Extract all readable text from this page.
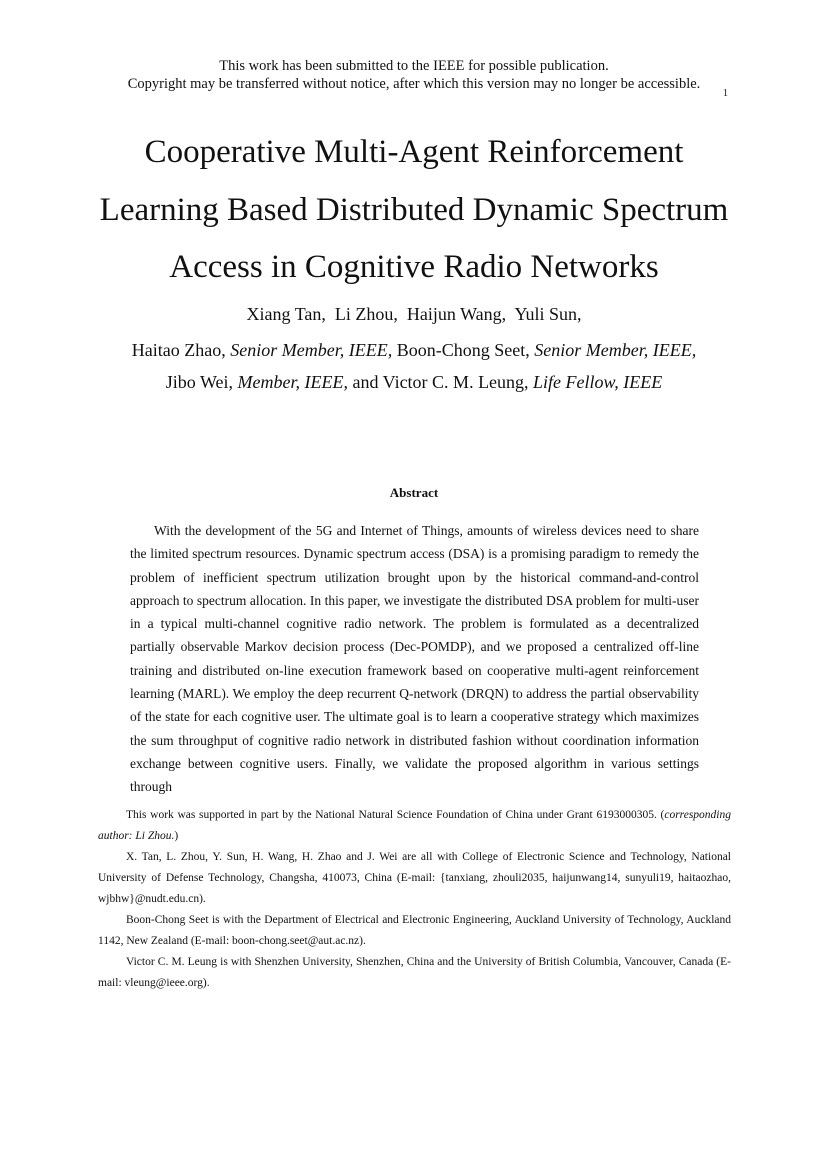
This work has been submitted to the IEEE for possible publication.
Copyright may be transferred without notice, after which this version may no longer be accessible.
1
Cooperative Multi-Agent Reinforcement
Learning Based Distributed Dynamic Spectrum
Access in Cognitive Radio Networks
Xiang Tan,  Li Zhou,  Haijun Wang,  Yuli Sun,
Haitao Zhao, Senior Member, IEEE, Boon-Chong Seet, Senior Member, IEEE,
Jibo Wei, Member, IEEE, and Victor C. M. Leung, Life Fellow, IEEE
Abstract

With the development of the 5G and Internet of Things, amounts of wireless devices need to share the limited spectrum resources. Dynamic spectrum access (DSA) is a promising paradigm to remedy the problem of inefficient spectrum utilization brought upon by the historical command-and-control approach to spectrum allocation. In this paper, we investigate the distributed DSA problem for multi-user in a typical multi-channel cognitive radio network. The problem is formulated as a decentralized partially observable Markov decision process (Dec-POMDP), and we proposed a centralized off-line training and distributed on-line execution framework based on cooperative multi-agent reinforcement learning (MARL). We employ the deep recurrent Q-network (DRQN) to address the partial observability of the state for each cognitive user. The ultimate goal is to learn a cooperative strategy which maximizes the sum throughput of cognitive radio network in distributed fashion without coordination information exchange between cognitive users. Finally, we validate the proposed algorithm in various settings through

This work was supported in part by the National Natural Science Foundation of China under Grant 6193000305. (corresponding author: Li Zhou.)

X. Tan, L. Zhou, Y. Sun, H. Wang, H. Zhao and J. Wei are all with College of Electronic Science and Technology, National University of Defense Technology, Changsha, 410073, China (E-mail: {tanxiang, zhouli2035, haijunwang14, sunyuli19, haitaozhao, wjbhw}@nudt.edu.cn).

Boon-Chong Seet is with the Department of Electrical and Electronic Engineering, Auckland University of Technology, Auckland 1142, New Zealand (E-mail: boon-chong.seet@aut.ac.nz).

Victor C. M. Leung is with Shenzhen University, Shenzhen, China and the University of British Columbia, Vancouver, Canada (E-mail: vleung@ieee.org).
